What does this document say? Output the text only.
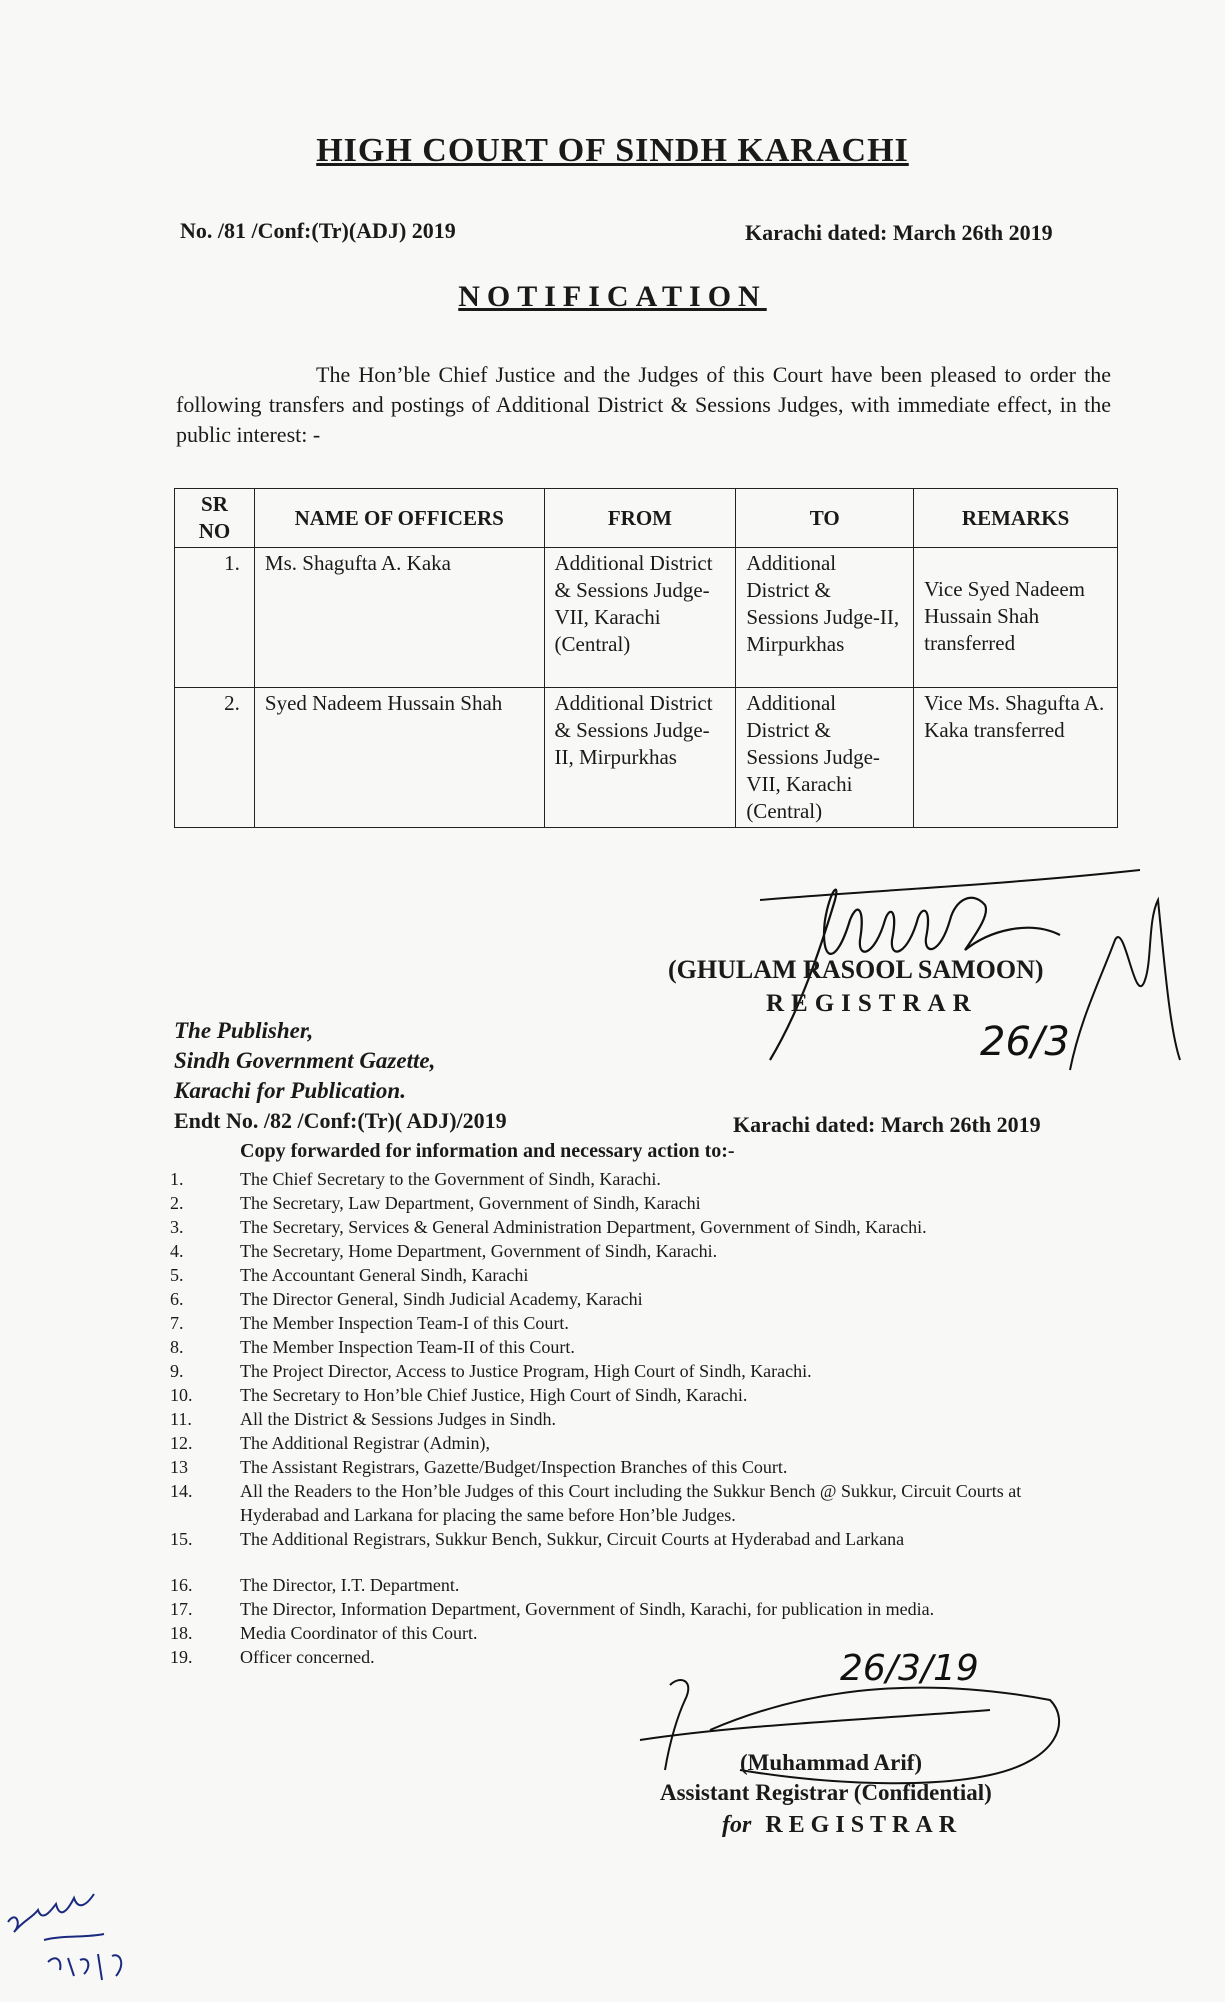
HIGH COURT OF SINDH KARACHI
No. /81 /Conf:(Tr)(ADJ) 2019	Karachi dated: March 26th 2019
NOTIFICATION
The Hon’ble Chief Justice and the Judges of this Court have been pleased to order the following transfers and postings of Additional District & Sessions Judges, with immediate effect, in the public interest: -
SR NO	NAME OF OFFICERS	FROM	TO	REMARKS
1.	Ms. Shagufta A. Kaka	Additional District & Sessions Judge-VII, Karachi (Central)	Additional District & Sessions Judge-II, Mirpurkhas	Vice Syed Nadeem Hussain Shah transferred
2.	Syed Nadeem Hussain Shah	Additional District & Sessions Judge-II, Mirpurkhas	Additional District & Sessions Judge-VII, Karachi (Central)	Vice Ms. Shagufta A. Kaka transferred
26/3
(GHULAM RASOOL SAMOON)
REGISTRAR
The Publisher,
Sindh Government Gazette,
Karachi for Publication.
Endt No. /82 /Conf:(Tr)( ADJ)/2019	Karachi dated: March 26th 2019
Copy forwarded for information and necessary action to:-
1.	The Chief Secretary to the Government of Sindh, Karachi.
2.	The Secretary, Law Department, Government of Sindh, Karachi
3.	The Secretary, Services & General Administration Department, Government of Sindh, Karachi.
4.	The Secretary, Home Department, Government of Sindh, Karachi.
5.	The Accountant General Sindh, Karachi
6.	The Director General, Sindh Judicial Academy, Karachi
7.	The Member Inspection Team-I of this Court.
8.	The Member Inspection Team-II of this Court.
9.	The Project Director, Access to Justice Program, High Court of Sindh, Karachi.
10.	The Secretary to Hon’ble Chief Justice, High Court of Sindh, Karachi.
11.	All the District & Sessions Judges in Sindh.
12.	The Additional Registrar (Admin),
13	The Assistant Registrars, Gazette/Budget/Inspection Branches of this Court.
14.	All the Readers to the Hon’ble Judges of this Court including the Sukkur Bench @ Sukkur, Circuit Courts at Hyderabad and Larkana for placing the same before Hon’ble Judges.
15.	The Additional Registrars, Sukkur Bench, Sukkur, Circuit Courts at Hyderabad and Larkana
16.	The Director, I.T. Department.
17.	The Director, Information Department, Government of Sindh, Karachi, for publication in media.
18.	Media Coordinator of this Court.
19.	Officer concerned.	26/3/19
(Muhammad Arif)
Assistant Registrar (Confidential)
for REGISTRAR
